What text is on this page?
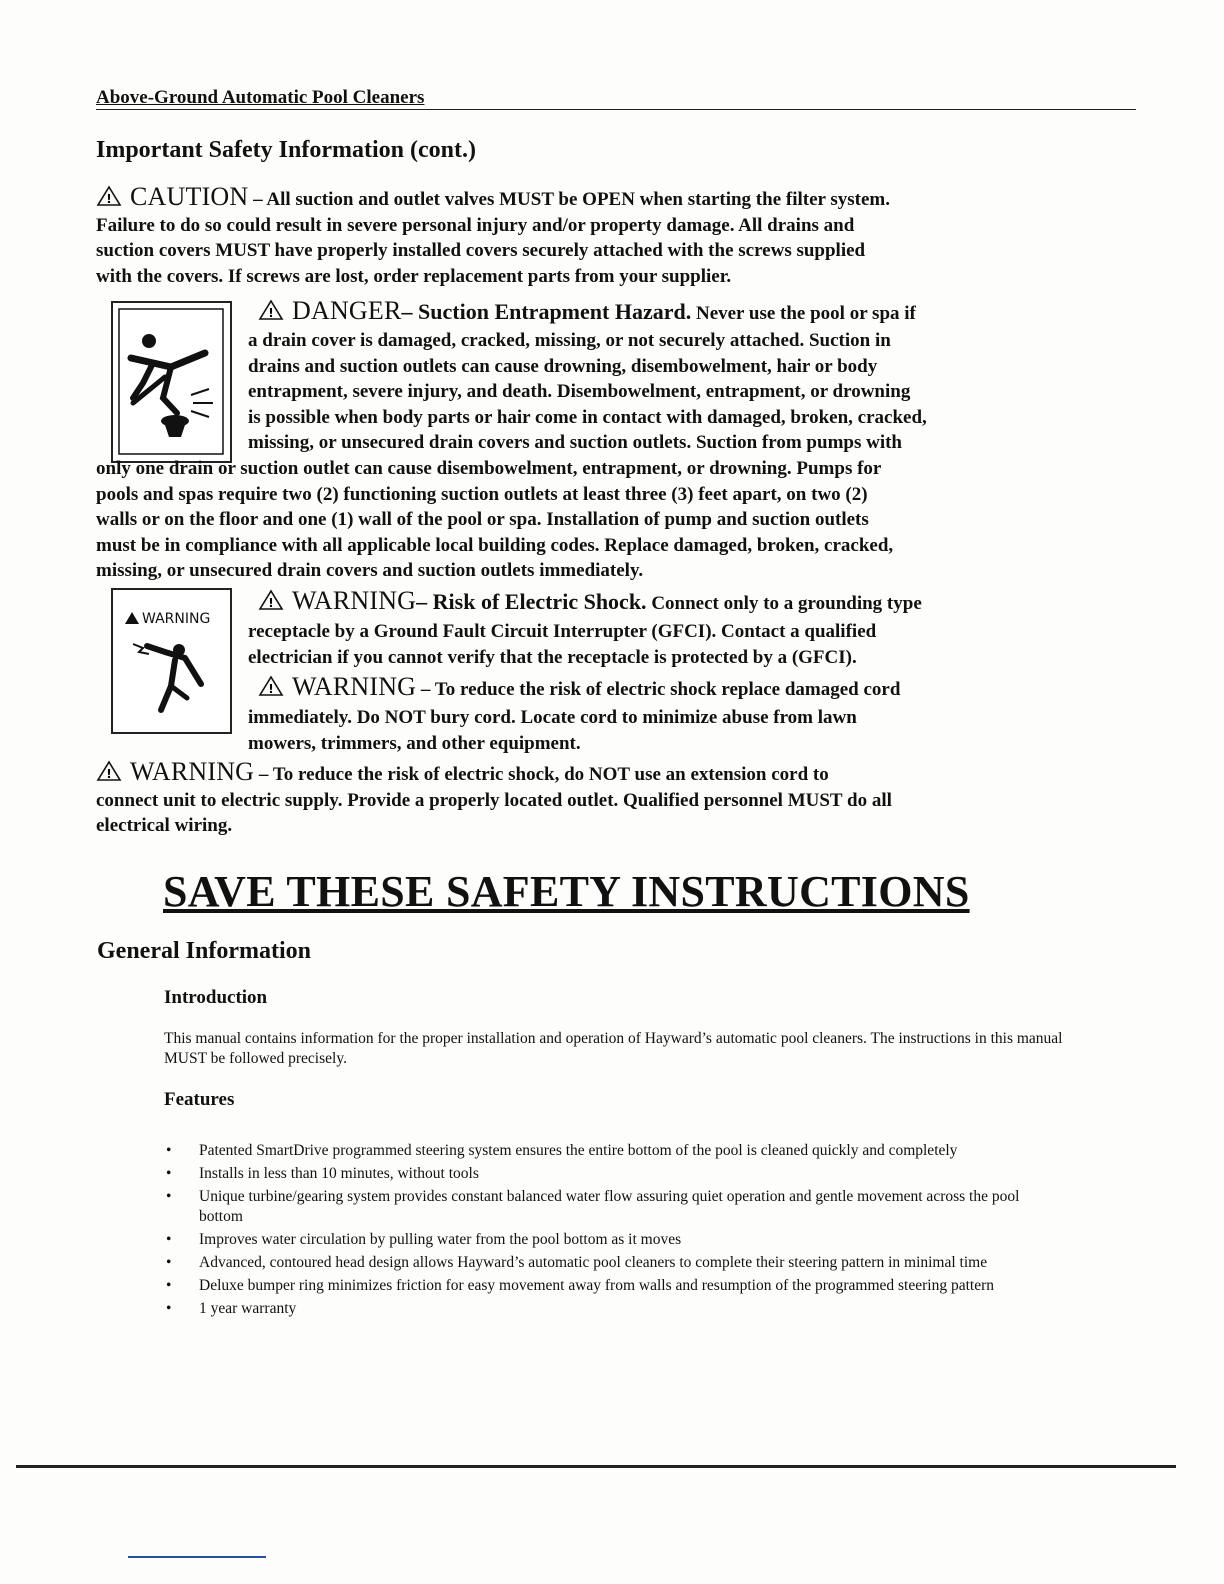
Above-Ground Automatic Pool Cleaners
Important Safety Information (cont.)
! CAUTION – All suction and outlet valves MUST be OPEN when starting the filter system.
Failure to do so could result in severe personal injury and/or property damage. All drains and
suction covers MUST have properly installed covers securely attached with the screws supplied
with the covers. If screws are lost, order replacement parts from your supplier.
! DANGER– Suction Entrapment Hazard. Never use the pool or spa if
a drain cover is damaged, cracked, missing, or not securely attached. Suction in
drains and suction outlets can cause drowning, disembowelment, hair or body
entrapment, severe injury, and death. Disembowelment, entrapment, or drowning
is possible when body parts or hair come in contact with damaged, broken, cracked,
missing, or unsecured drain covers and suction outlets. Suction from pumps with
only one drain or suction outlet can cause disembowelment, entrapment, or drowning. Pumps for
pools and spas require two (2) functioning suction outlets at least three (3) feet apart, on two (2)
walls or on the floor and one (1) wall of the pool or spa. Installation of pump and suction outlets
must be in compliance with all applicable local building codes. Replace damaged, broken, cracked,
missing, or unsecured drain covers and suction outlets immediately.
! WARNING
! WARNING– Risk of Electric Shock. Connect only to a grounding type
receptacle by a Ground Fault Circuit Interrupter (GFCI). Contact a qualified
electrician if you cannot verify that the receptacle is protected by a (GFCI).
! WARNING – To reduce the risk of electric shock replace damaged cord
immediately. Do NOT bury cord. Locate cord to minimize abuse from lawn
mowers, trimmers, and other equipment.
! WARNING – To reduce the risk of electric shock, do NOT use an extension cord to
connect unit to electric supply. Provide a properly located outlet. Qualified personnel MUST do all
electrical wiring.
SAVE THESE SAFETY INSTRUCTIONS
General Information
Introduction
This manual contains information for the proper installation and operation of Hayward’s automatic pool cleaners. The instructions in this manual MUST be followed precisely.
Features
• Patented SmartDrive programmed steering system ensures the entire bottom of the pool is cleaned quickly and completely
• Installs in less than 10 minutes, without tools
• Unique turbine/gearing system provides constant balanced water flow assuring quiet operation and gentle movement across the pool bottom
• Improves water circulation by pulling water from the pool bottom as it moves
• Advanced, contoured head design allows Hayward’s automatic pool cleaners to complete their steering pattern in minimal time
• Deluxe bumper ring minimizes friction for easy movement away from walls and resumption of the programmed steering pattern
• 1 year warranty
